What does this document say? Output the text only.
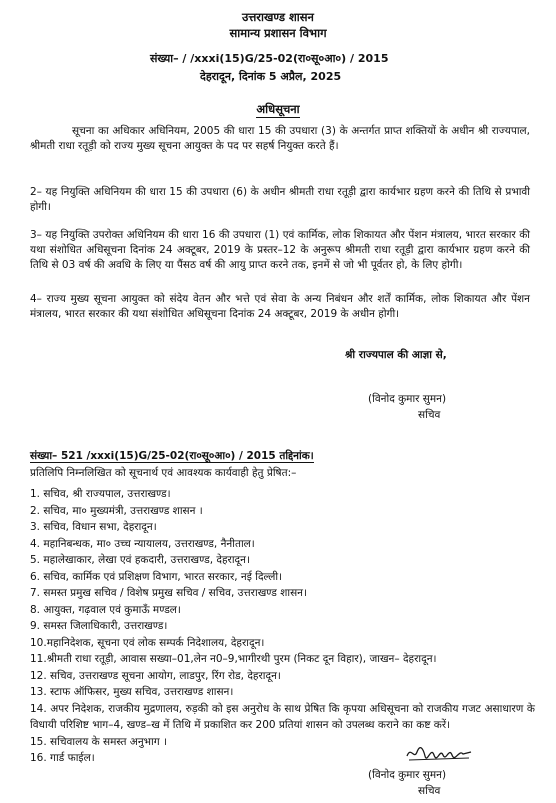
उत्तराखण्ड शासन
सामान्य प्रशासन विभाग
संख्या– ∕ /xxxi(15)G/25-02(रा०सू०आ०) / 2015
देहरादून, दिनांक 5 अप्रैल, 2025
अधिसूचना
सूचना का अधिकार अधिनियम, 2005 की धारा 15 की उपधारा (3) के अन्तर्गत प्राप्त शक्तियों के अधीन श्री राज्यपाल, श्रीमती राधा रतूड़ी को राज्य मुख्य सूचना आयुक्त के पद पर सहर्ष नियुक्त करते हैं।
2– यह नियुक्ति अधिनियम की धारा 15 की उपधारा (6) के अधीन श्रीमती राधा रतूड़ी द्वारा कार्यभार ग्रहण करने की तिथि से प्रभावी होगी।
3– यह नियुक्ति उपरोक्त अधिनियम की धारा 16 की उपधारा (1) एवं कार्मिक, लोक शिकायत और पेंशन मंत्रालय, भारत सरकार की यथा संशोधित अधिसूचना दिनांक 24 अक्टूबर, 2019 के प्रस्तर–12 के अनुरूप श्रीमती राधा रतूड़ी द्वारा कार्यभार ग्रहण करने की तिथि से 03 वर्ष की अवधि के लिए या पैंसठ वर्ष की आयु प्राप्त करने तक, इनमें से जो भी पूर्वतर हो, के लिए होगी।
4– राज्य मुख्य सूचना आयुक्त को संदेय वेतन और भत्ते एवं सेवा के अन्य निबंधन और शर्तें कार्मिक, लोक शिकायत और पेंशन मंत्रालय, भारत सरकार की यथा संशोधित अधिसूचना दिनांक 24 अक्टूबर, 2019 के अधीन होगी।
श्री राज्यपाल की आज्ञा से,
(विनोद कुमार सुमन)
सचिव
संख्या– 521 /xxxi(15)G/25-02(रा०सू०आ०) / 2015 तद्दिनांक।
प्रतिलिपि निम्नलिखित को सूचनार्थ एवं आवश्यक कार्यवाही हेतु प्रेषित:–
1. सचिव, श्री राज्यपाल, उत्तराखण्ड।
2. सचिव, मा० मुख्यमंत्री, उत्तराखण्ड शासन ।
3. सचिव, विधान सभा, देहरादून।
4. महानिबन्धक, मा० उच्च न्यायालय, उत्तराखण्ड, नैनीताल।
5. महालेखाकार, लेखा एवं हकदारी, उत्तराखण्ड, देहरादून।
6. सचिव, कार्मिक एवं प्रशिक्षण विभाग, भारत सरकार, नई दिल्ली।
7. समस्त प्रमुख सचिव / विशेष प्रमुख सचिव / सचिव, उत्तराखण्ड शासन।
8. आयुक्त, गढ़वाल एवं कुमाऊँ मण्डल।
9. समस्त जिलाधिकारी, उत्तराखण्ड।
10.महानिदेशक, सूचना एवं लोक सम्पर्क निदेशालय, देहरादून।
11.श्रीमती राधा रतूड़ी, आवास सख्या–01,लेन न0–9,भागीरथी पुरम (निकट दून विहार), जाखन– देहरादून।
12. सचिव, उत्तराखण्ड सूचना आयोग, लाडपुर, रिंग रोड, देहरादून।
13. स्टाफ ऑफिसर, मुख्य सचिव, उत्तराखण्ड शासन।
14. अपर निदेशक, राजकीय मुद्रणालय, रुड़की को इस अनुरोध के साथ प्रेषित कि कृपया अधिसूचना को राजकीय गजट असाधारण के विधायी परिशिष्ट भाग–4, खण्ड–ख में तिथि में प्रकाशित कर 200 प्रतियां शासन को उपलब्ध कराने का कष्ट करें।
15. सचिवालय के समस्त अनुभाग ।
16. गार्ड फाईल।
(विनोद कुमार सुमन)
सचिव
